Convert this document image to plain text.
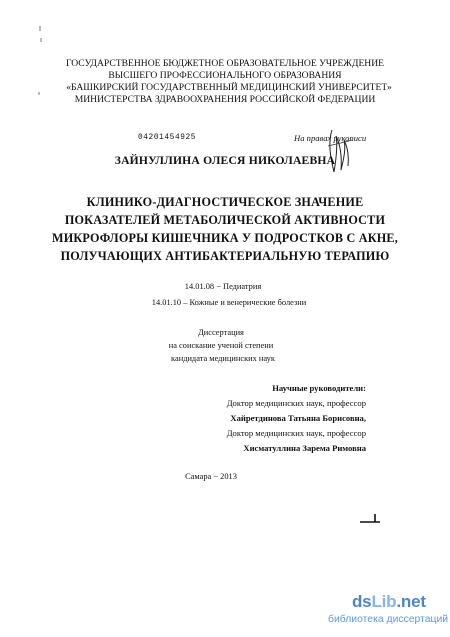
ГОСУДАРСТВЕННОЕ БЮДЖЕТНОЕ ОБРАЗОВАТЕЛЬНОЕ УЧРЕЖДЕНИЕ
ВЫСШЕГО ПРОФЕССИОНАЛЬНОГО ОБРАЗОВАНИЯ
«БАШКИРСКИЙ ГОСУДАРСТВЕННЫЙ МЕДИЦИНСКИЙ УНИВЕРСИТЕТ»
МИНИСТЕРСТВА ЗДРАВООХРАНЕНИЯ РОССИЙСКОЙ ФЕДЕРАЦИИ
04201454925	На правах рукописи
ЗАЙНУЛЛИНА ОЛЕСЯ НИКОЛАЕВНА
КЛИНИКО-ДИАГНОСТИЧЕСКОЕ ЗНАЧЕНИЕ
ПОКАЗАТЕЛЕЙ МЕТАБОЛИЧЕСКОЙ АКТИВНОСТИ
МИКРОФЛОРЫ КИШЕЧНИКА У ПОДРОСТКОВ С АКНЕ,
ПОЛУЧАЮЩИХ АНТИБАКТЕРИАЛЬНУЮ ТЕРАПИЮ
14.01.08 − Педиатрия
14.01.10 – Кожные и венерические болезни
Диссертация
на соискание ученой степени
кандидата медицинских наук
Научные руководители:
Доктор медицинских наук, профессор
Хайретдинова Татьяна Борисовна,
Доктор медицинских наук, профессор
Хисматуллина Зарема Римовна
Самара − 2013
dsLib.net
библиотека диссертаций
